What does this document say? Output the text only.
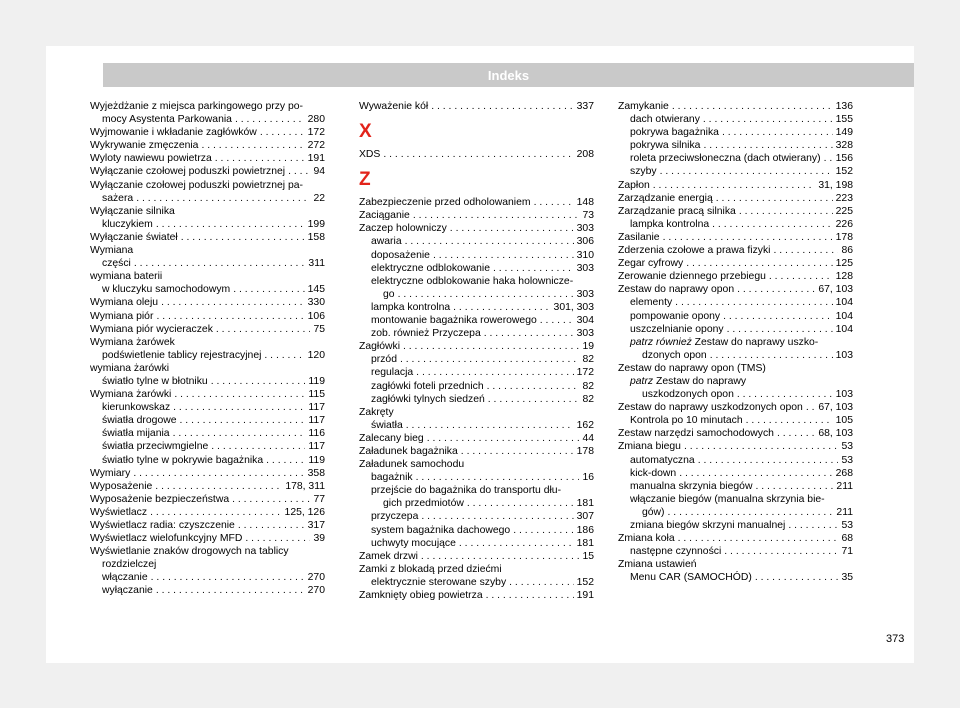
Indeks
Wyjeżdżanie z miejsca parkingowego przy po-
mocy Asystenta Parkowania . . .	280
Wyjmowanie i wkładanie zagłówków . . .	172
Wykrywanie zmęczenia . . .	272
Wyloty nawiewu powietrza . . .	191
Wyłączanie czołowej poduszki powietrznej . . .	94
Wyłączanie czołowej poduszki powietrznej pa-
sażera . . .	22
Wyłączanie silnika
kluczykiem . . .	199
Wyłączanie świateł . . .	158
Wymiana
części . . .	311
wymiana baterii
w kluczyku samochodowym . . .	145
Wymiana oleju . . .	330
Wymiana piór . . .	106
Wymiana piór wycieraczek . . .	75
Wymiana żarówek
podświetlenie tablicy rejestracyjnej . . .	120
wymiana żarówki
światło tylne w błotniku . . .	119
Wymiana żarówki . . .	115
kierunkowskaz . . .	117
światła drogowe . . .	117
światła mijania . . .	116
światła przeciwmgielne . . .	117
światło tylne w pokrywie bagażnika . . .	119
Wymiary . . .	358
Wyposażenie . . .	178, 311
Wyposażenie bezpieczeństwa . . .	77
Wyświetlacz . . .	125, 126
Wyświetlacz radia: czyszczenie . . .	317
Wyświetlacz wielofunkcyjny MFD . . .	39
Wyświetlanie znaków drogowych na tablicy
rozdzielczej
włączanie . . .	270
wyłączanie . . .	270
Wyważenie kół . . .	337
X
XDS . . .	208
Z
Zabezpieczenie przed odholowaniem . . .	148
Zaciąganie . . .	73
Zaczep holowniczy . . .	303
awaria . . .	306
doposażenie . . .	310
elektryczne odblokowanie . . .	303
elektryczne odblokowanie haka holownicze-
go . . .	303
lampka kontrolna . . .	301, 303
montowanie bagażnika rowerowego . . .	304
zob. również Przyczepa . . .	303
Zagłówki . . .	19
przód . . .	82
regulacja . . .	172
zagłówki foteli przednich . . .	82
zagłówki tylnych siedzeń . . .	82
Zakręty
światła . . .	162
Zalecany bieg . . .	44
Załadunek bagażnika . . .	178
Załadunek samochodu
bagażnik . . .	16
przejście do bagażnika do transportu dłu-
gich przedmiotów . . .	181
przyczepa . . .	307
system bagażnika dachowego . . .	186
uchwyty mocujące . . .	181
Zamek drzwi . . .	15
Zamki z blokadą przed dziećmi
elektrycznie sterowane szyby . . .	152
Zamknięty obieg powietrza . . .	191
Zamykanie . . .	136
dach otwierany . . .	155
pokrywa bagażnika . . .	149
pokrywa silnika . . .	328
roleta przeciwsłoneczna (dach otwierany) . . . 156
szyby . . .	152
Zapłon . . .	31, 198
Zarządzanie energią . . .	223
Zarządzanie pracą silnika . . .	225
lampka kontrolna . . .	226
Zasilanie . . .	178
Zderzenia czołowe a prawa fizyki . . .	86
Zegar cyfrowy . . .	125
Zerowanie dziennego przebiegu . . .	128
Zestaw do naprawy opon . . .	67, 103
elementy . . .	104
pompowanie opony . . .	104
uszczelnianie opony . . .	104
patrz również Zestaw do naprawy uszko-
dzonych opon . . .	103
Zestaw do naprawy opon (TMS)
patrz Zestaw do naprawy
uszkodzonych opon . . .	103
Zestaw do naprawy uszkodzonych opon . . . 67, 103
Kontrola po 10 minutach . . .	105
Zestaw narzędzi samochodowych . . .	68, 103
Zmiana biegu . . .	53
automatyczna . . .	53
kick-down . . .	268
manualna skrzynia biegów . . .	211
włączanie biegów (manualna skrzynia bie-
gów) . . .	211
zmiana biegów skrzyni manualnej . . .	53
Zmiana koła . . .	68
następne czynności . . .	71
Zmiana ustawień
Menu CAR (SAMOCHÓD) . . .	35
373
